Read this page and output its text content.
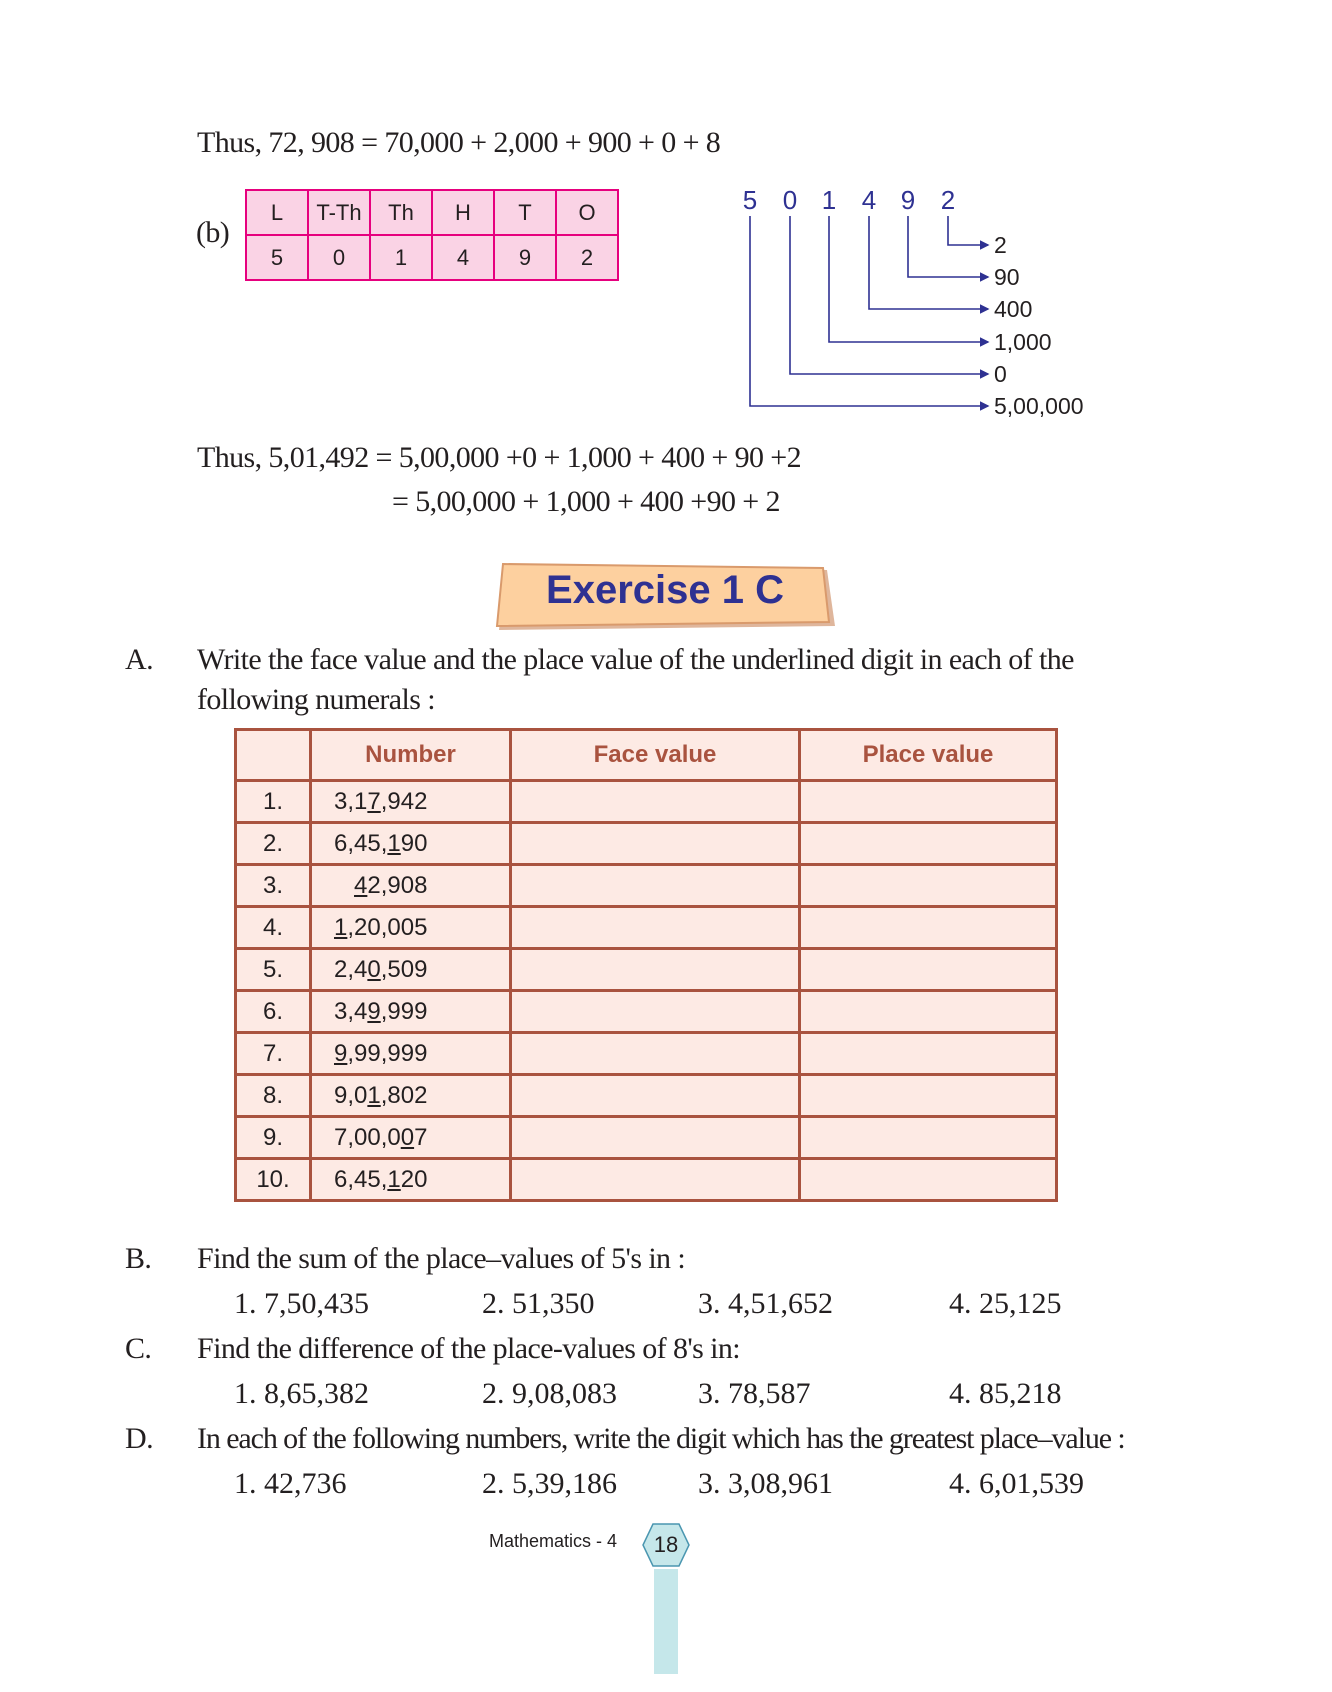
Thus, 72, 908 = 70,000 + 2,000 + 900 + 0 + 8
(b)
L	T-Th	Th	H	T	O
5	0	1	4	9	2
5 0 1 4 9 2
2
90
400
1,000
0
5,00,000
Thus, 5,01,492 = 5,00,000 +0 + 1,000 + 400 + 90 +2
= 5,00,000 + 1,000 + 400 +90 + 2
Exercise 1 C
A. Write the face value and the place value of the underlined digit in each of the
following numerals :
	Number	Face value	Place value
1.	3,17,942		
2.	6,45,190		
3.	42,908		
4.	1,20,005		
5.	2,40,509		
6.	3,49,999		
7.	9,99,999		
8.	9,01,802		
9.	7,00,007		
10.	6,45,120		
B. Find the sum of the place–values of 5's in :
1. 7,50,435	2. 51,350	3. 4,51,652	4. 25,125
C. Find the difference of the place-values of 8's in:
1. 8,65,382	2. 9,08,083	3. 78,587	4. 85,218
D. In each of the following numbers, write the digit which has the greatest place–value :
1. 42,736	2. 5,39,186	3. 3,08,961	4. 6,01,539
Mathematics - 4	18
